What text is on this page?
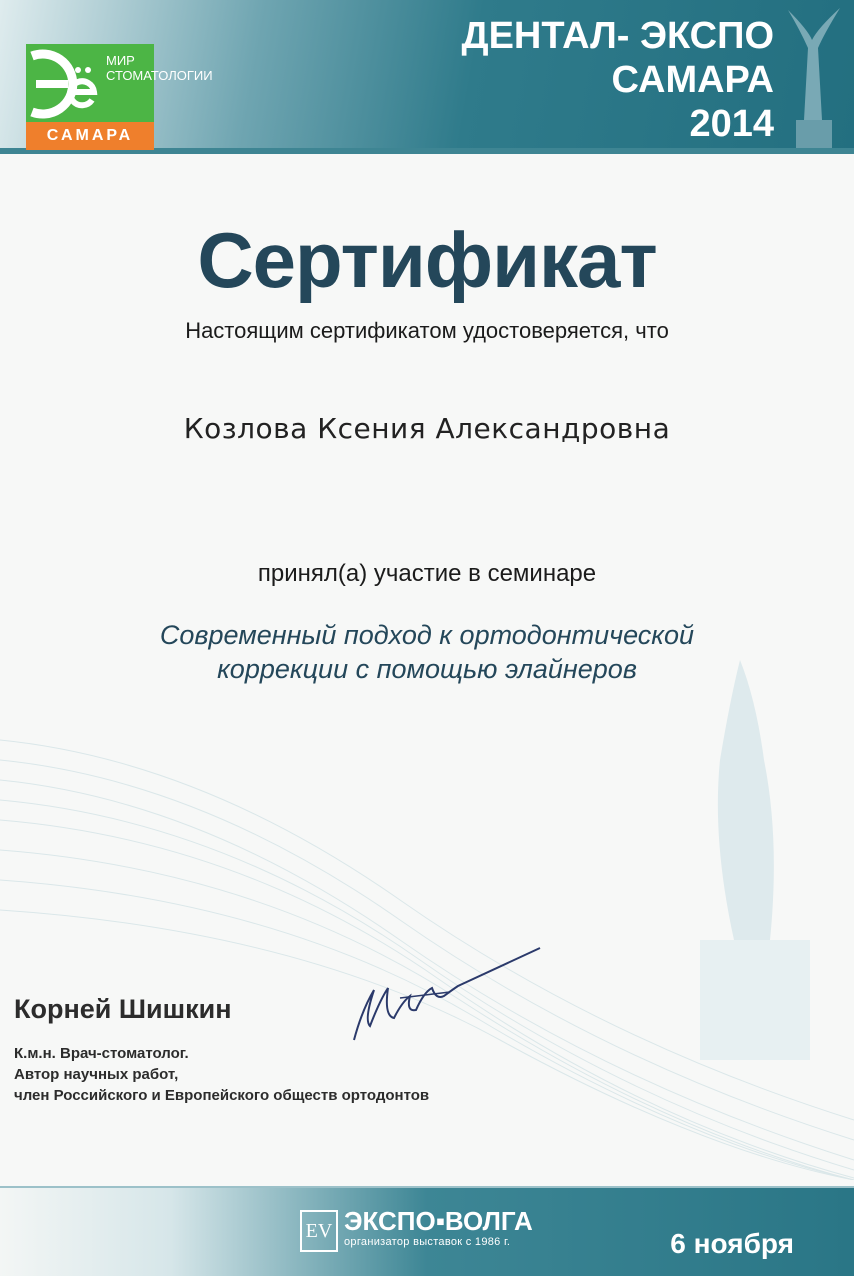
МИР
СТОМАТОЛОГИИ
САМАРА
ДЕНТАЛ- ЭКСПО
САМАРА
2014
Сертификат
Настоящим сертификатом удостоверяется, что
Козлова Ксения Александровна
принял(а) участие в семинаре
Современный подход к ортодонтической
коррекции с помощью элайнеров
Корней Шишкин
К.м.н. Врач-стоматолог.
Автор научных работ,
член Российского и Европейского обществ ортодонтов
ЕV ЭКСПО▪ВОЛГА
организатор выставок с 1986 г.	6 ноября
